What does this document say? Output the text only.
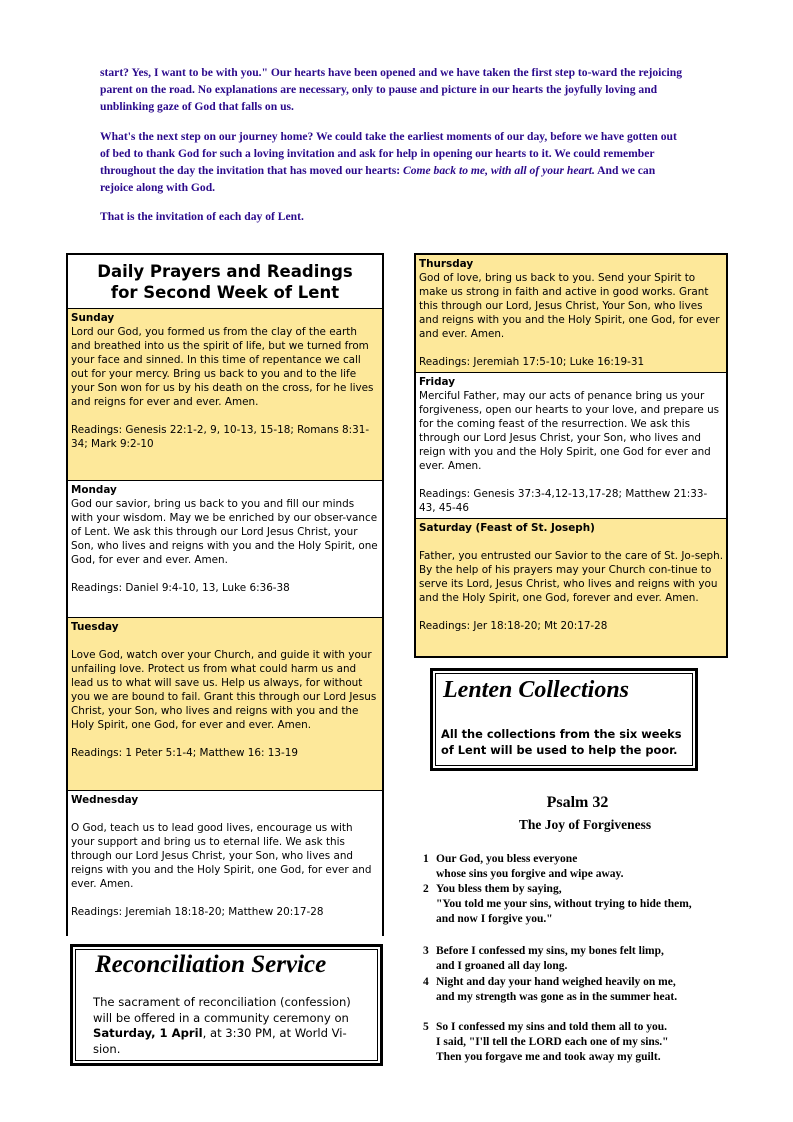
start? Yes, I want to be with you." Our hearts have been opened and we have taken the first step to-ward the rejoicing parent on the road. No explanations are necessary, only to pause and picture in our hearts the joyfully loving and unblinking gaze of God that falls on us.

What's the next step on our journey home? We could take the earliest moments of our day, before we have gotten out of bed to thank God for such a loving invitation and ask for help in opening our hearts to it. We could remember throughout the day the invitation that has moved our hearts: Come back to me, with all of your heart. And we can rejoice along with God.

That is the invitation of each day of Lent.

Daily Prayers and Readings
for Second Week of Lent
Sunday
Lord our God, you formed us from the clay of the earth and breathed into us the spirit of life, but we turned from your face and sinned. In this time of repentance we call out for your mercy. Bring us back to you and to the life your Son won for us by his death on the cross, for he lives and reigns for ever and ever. Amen.
Readings: Genesis 22:1-2, 9, 10-13, 15-18; Romans 8:31-34; Mark 9:2-10
Monday
God our savior, bring us back to you and fill our minds with your wisdom. May we be enriched by our obser-vance of Lent. We ask this through our Lord Jesus Christ, your Son, who lives and reigns with you and the Holy Spirit, one God, for ever and ever. Amen.
Readings: Daniel 9:4-10, 13, Luke 6:36-38
Tuesday
Love God, watch over your Church, and guide it with your unfailing love. Protect us from what could harm us and lead us to what will save us. Help us always, for without you we are bound to fail. Grant this through our Lord Jesus Christ, your Son, who lives and reigns with you and the Holy Spirit, one God, for ever and ever. Amen.
Readings: 1 Peter 5:1-4; Matthew 16: 13-19
Wednesday
O God, teach us to lead good lives, encourage us with your support and bring us to eternal life. We ask this through our Lord Jesus Christ, your Son, who lives and reigns with you and the Holy Spirit, one God, for ever and ever. Amen.
Readings: Jeremiah 18:18-20; Matthew 20:17-28
Thursday
God of love, bring us back to you. Send your Spirit to make us strong in faith and active in good works. Grant this through our Lord, Jesus Christ, Your Son, who lives and reigns with you and the Holy Spirit, one God, for ever and ever. Amen.
Readings: Jeremiah 17:5-10; Luke 16:19-31
Friday
Merciful Father, may our acts of penance bring us your forgiveness, open our hearts to your love, and prepare us for the coming feast of the resurrection. We ask this through our Lord Jesus Christ, your Son, who lives and reign with you and the Holy Spirit, one God for ever and ever. Amen.
Readings: Genesis 37:3-4,12-13,17-28; Matthew 21:33-43, 45-46
Saturday (Feast of St. Joseph)
Father, you entrusted our Savior to the care of St. Jo-seph. By the help of his prayers may your Church con-tinue to serve its Lord, Jesus Christ, who lives and reigns with you and the Holy Spirit, one God, forever and ever. Amen.
Readings: Jer 18:18-20; Mt 20:17-28
Reconciliation Service
The sacrament of reconciliation (confession) will be offered in a community ceremony on Saturday, 1 April, at 3:30 PM, at World Vi-sion.
Lenten Collections
All the collections from the six weeks of Lent will be used to help the poor.
Psalm 32
The Joy of Forgiveness
1 Our God, you bless everyone
whose sins you forgive and wipe away.
2 You bless them by saying,
"You told me your sins, without trying to hide them,
and now I forgive you."
3 Before I confessed my sins, my bones felt limp,
and I groaned all day long.
4 Night and day your hand weighed heavily on me,
and my strength was gone as in the summer heat.
5 So I confessed my sins and told them all to you.
I said, "I'll tell the LORD each one of my sins."
Then you forgave me and took away my guilt.
